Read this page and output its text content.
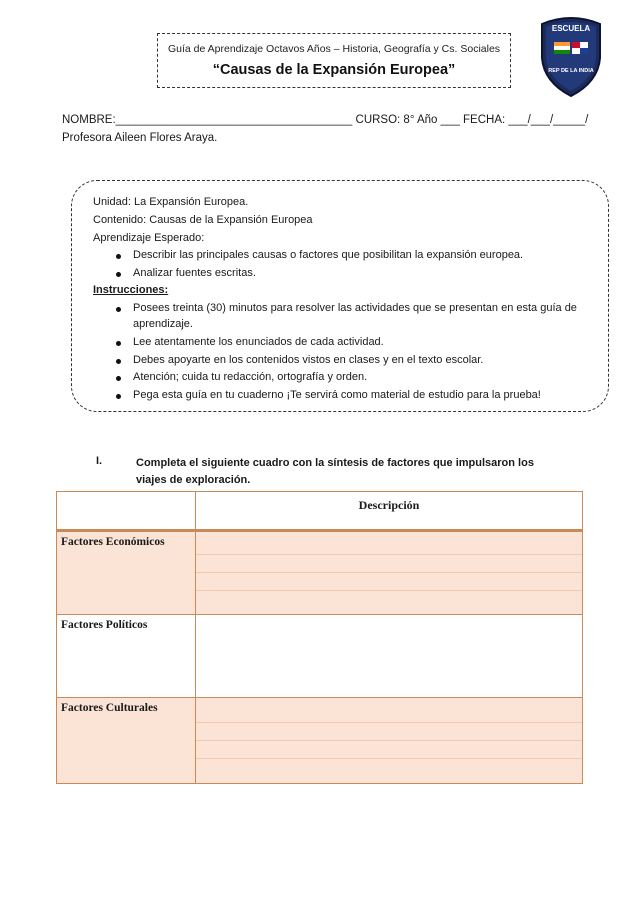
Guía de Aprendizaje Octavos Años – Historia, Geografía y Cs. Sociales
“Causas de la Expansión Europea”
ESCUELA
REP DE LA INDIA
NOMBRE:_____________________________________ CURSO: 8° Año ___ FECHA: ___/___/_____/
Profesora Aileen Flores Araya.
Unidad: La Expansión Europea.
Contenido: Causas de la Expansión Europea
Aprendizaje Esperado:
Describir las principales causas o factores que posibilitan la expansión europea.
Analizar fuentes escritas.
Instrucciones:
Posees treinta (30) minutos para resolver las actividades que se presentan en esta guía de
aprendizaje.
Lee atentamente los enunciados de cada actividad.
Debes apoyarte en los contenidos vistos en clases y en el texto escolar.
Atención; cuida tu redacción, ortografía y orden.
Pega esta guía en tu cuaderno ¡Te servirá como material de estudio para la prueba!
I.	Completa el siguiente cuadro con la síntesis de factores que impulsaron los viajes de exploración.
Descripción
Factores Económicos
Factores Políticos
Factores Culturales
